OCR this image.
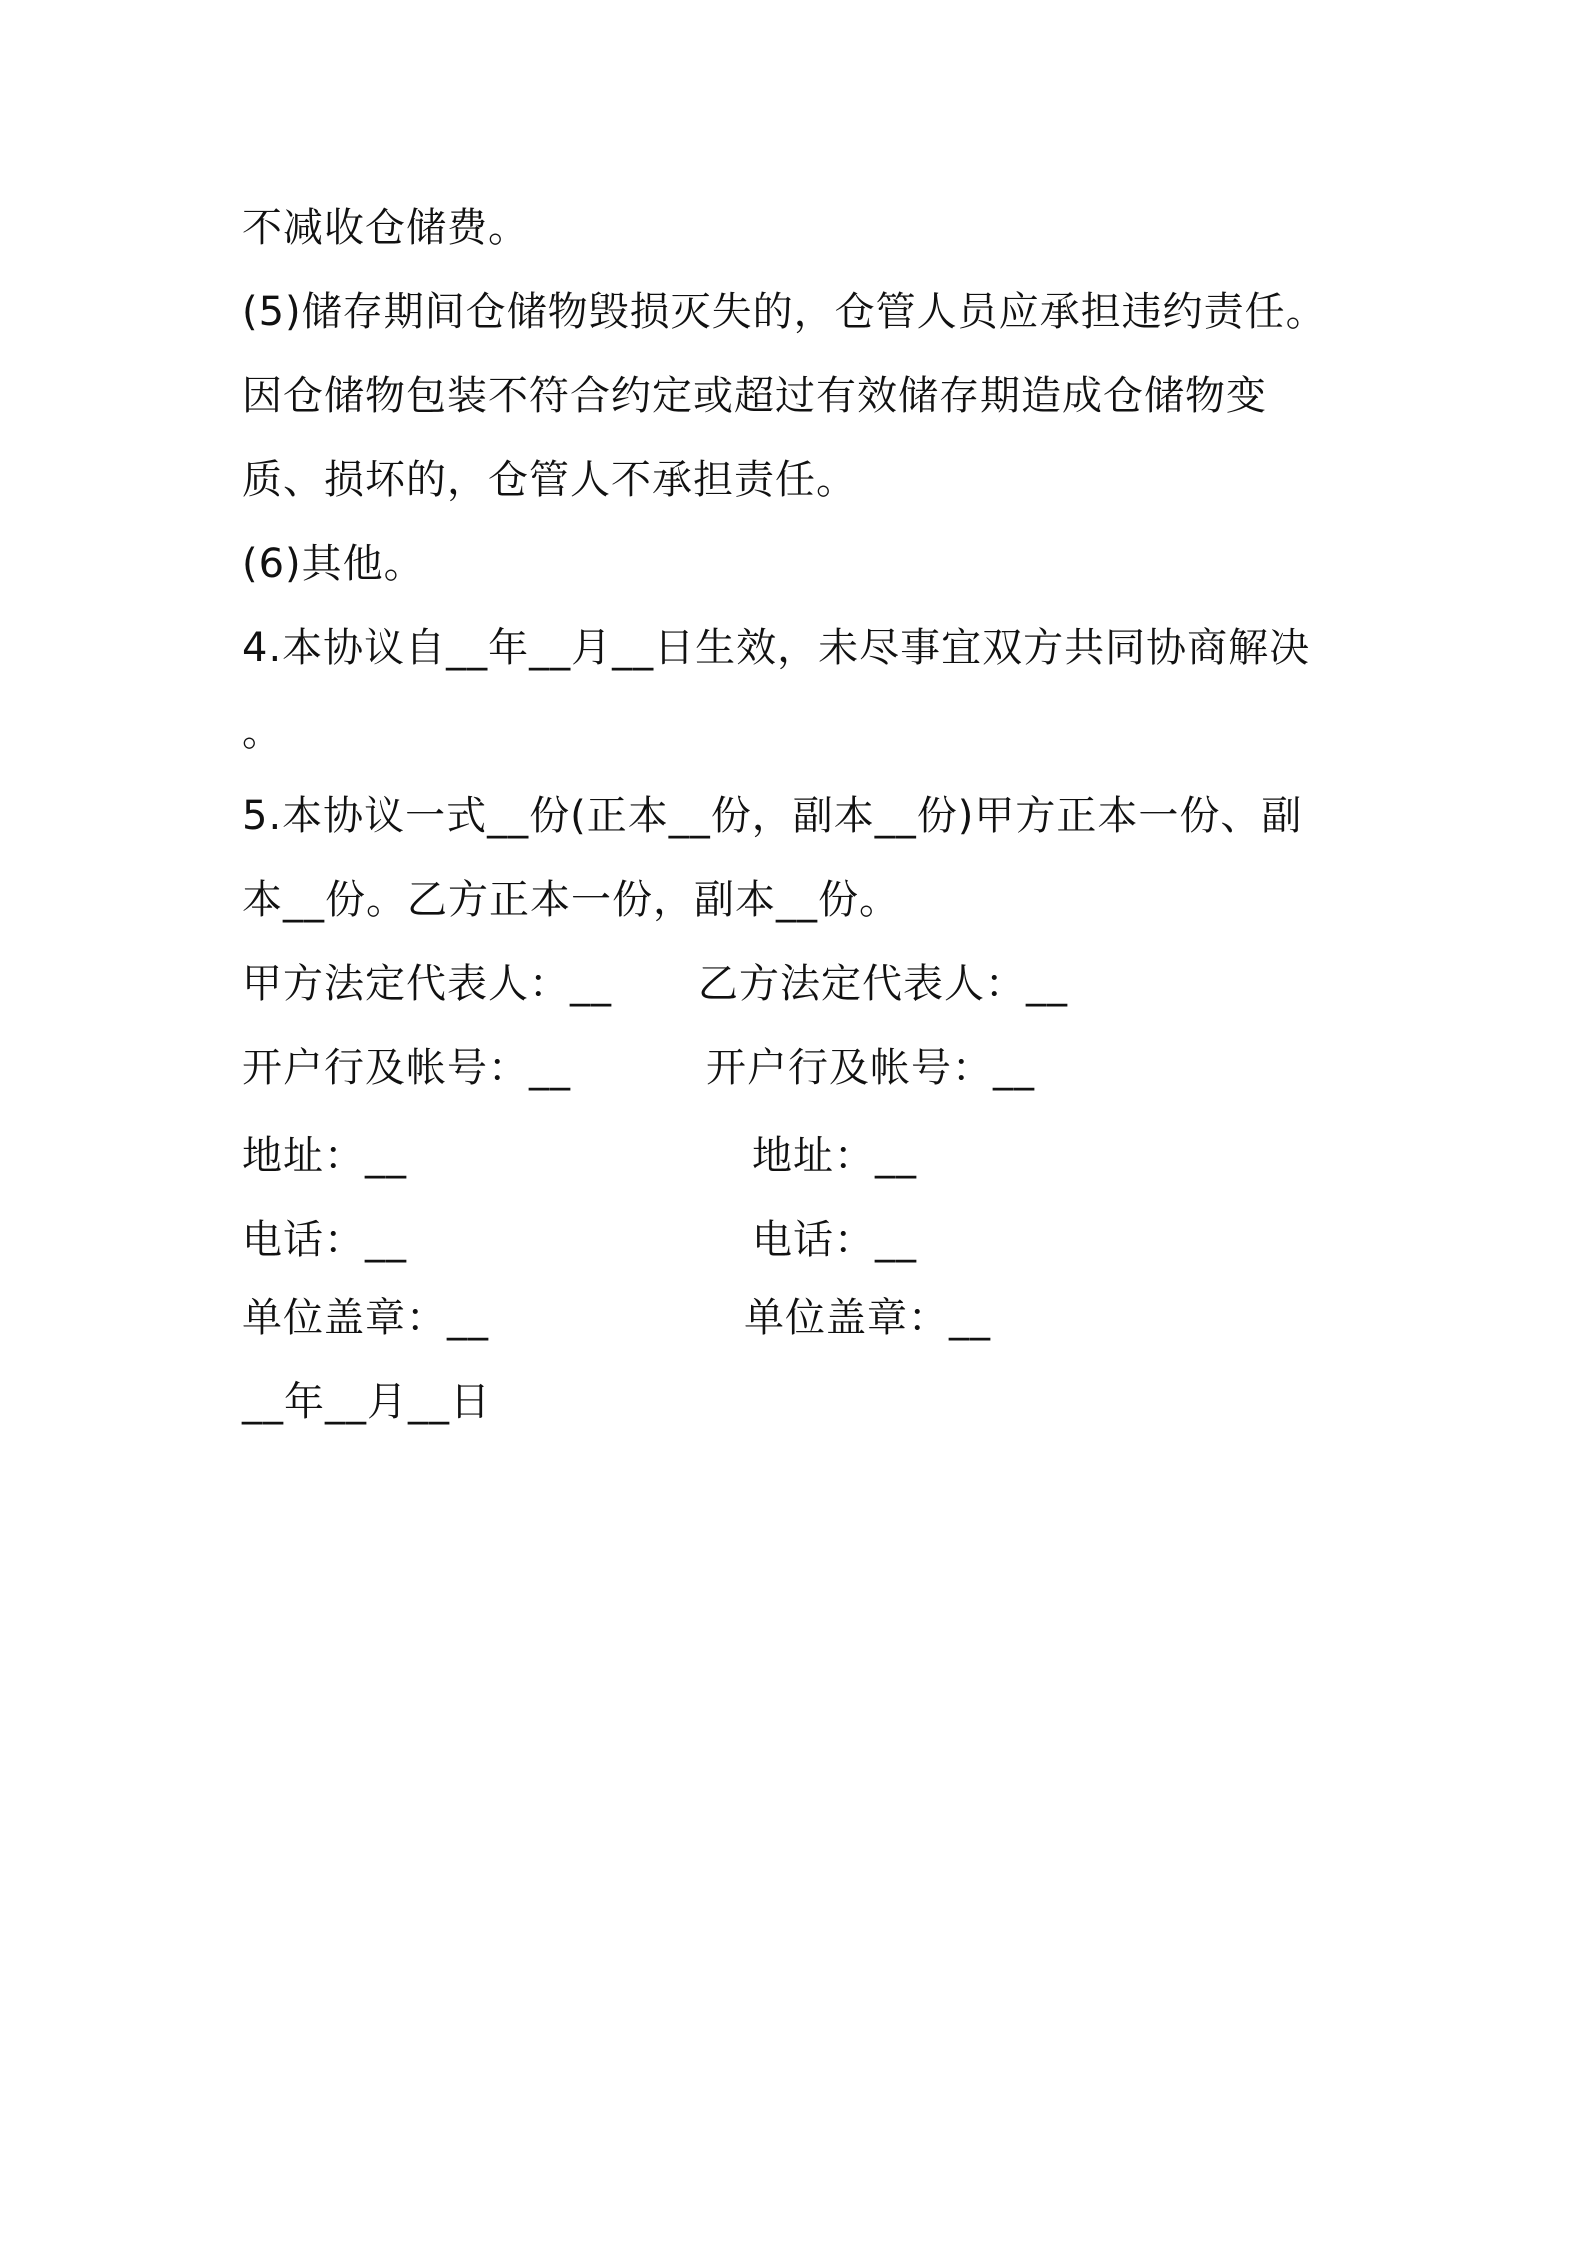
不减收仓储费。
(5)储存期间仓储物毁损灭失的，仓管人员应承担违约责任。
因仓储物包装不符合约定或超过有效储存期造成仓储物变
质、损坏的，仓管人不承担责任。
(6)其他。
4.本协议自__年__月__日生效，未尽事宜双方共同协商解决
。
5.本协议一式__份(正本__份，副本__份)甲方正本一份、副
本__份。乙方正本一份，副本__份。
甲方法定代表人：__ 乙方法定代表人：__
开户行及帐号：__	开户行及帐号：__
地址：__	地址：__
电话：__	电话：__
单位盖章：__	单位盖章：__
__年__月__日
